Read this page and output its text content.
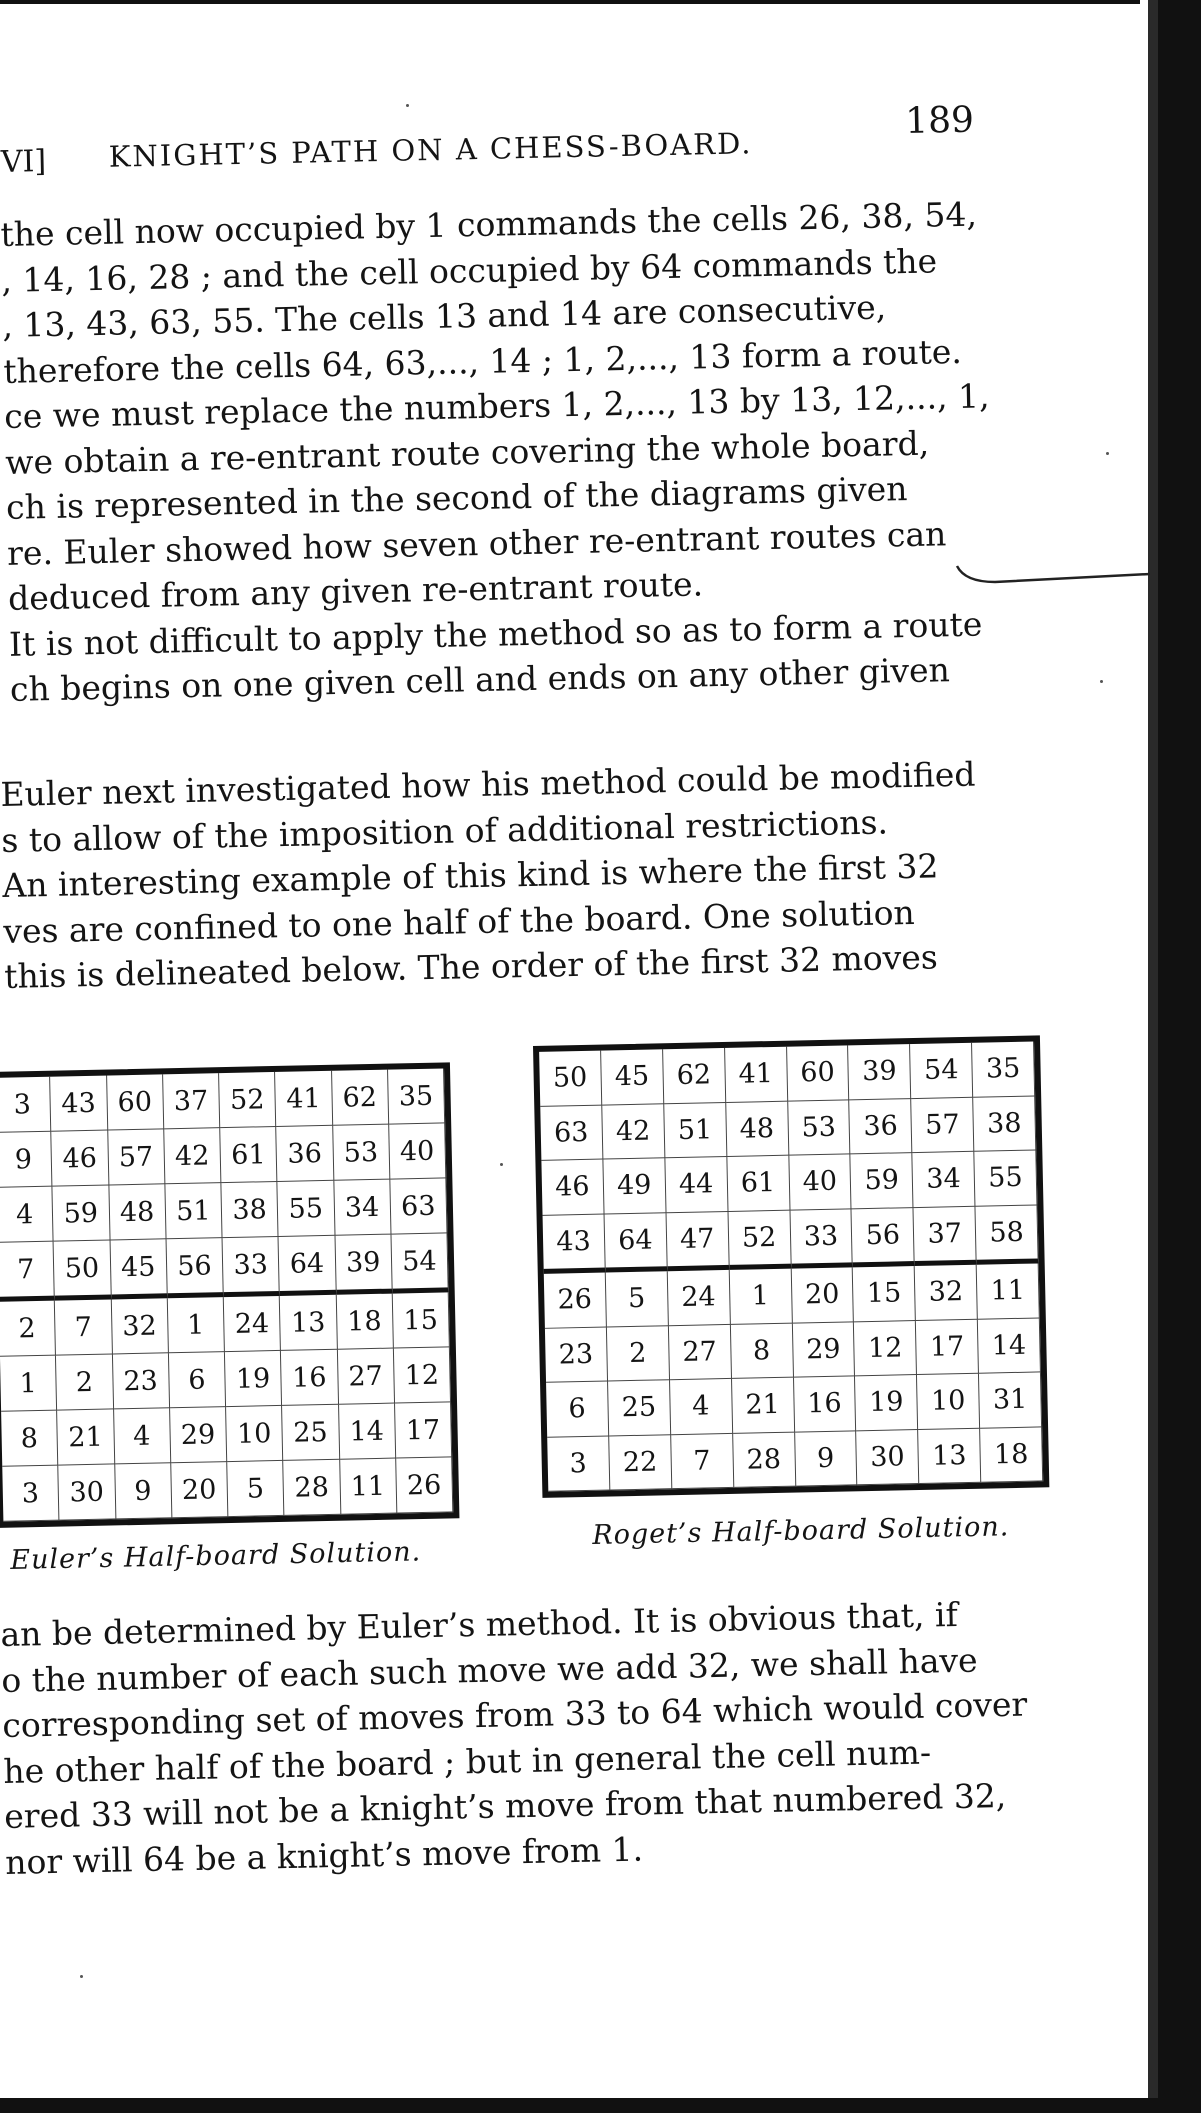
VI] KNIGHT’S PATH ON A CHESS-BOARD.
189
the cell now occupied by 1 commands the cells 26, 38, 54,
, 14, 16, 28 ; and the cell occupied by 64 commands the
, 13, 43, 63, 55. The cells 13 and 14 are consecutive,
therefore the cells 64, 63,..., 14 ; 1, 2,..., 13 form a route.
ce we must replace the numbers 1, 2,..., 13 by 13, 12,..., 1,
we obtain a re-entrant route covering the whole board,
ch is represented in the second of the diagrams given
re. Euler showed how seven other re-entrant routes can
deduced from any given re-entrant route.
It is not difficult to apply the method so as to form a route
ch begins on one given cell and ends on any other given
Euler next investigated how his method could be modified
s to allow of the imposition of additional restrictions.
An interesting example of this kind is where the first 32
ves are confined to one half of the board. One solution
this is delineated below. The order of the first 32 moves
3	43 60 37 52 41 62 35
9	46 57 42 61 36 53 40
4	59 48 51 38 55 34 63
7	50 45 56 33 64 39 54
2	7	32	1	24 13 18 15
1	2	23	6	19 16 27 12
8	21	4	29 10 25 14 17
3	30	9	20	5	28 11 26
Euler’s Half-board Solution.
50 45 62 41 60 39 54 35
63 42 51 48 53 36 57 38
46 49 44 61 40 59 34 55
43 64 47 52 33 56 37 58
26	5	24	1	20 15 32 11
23	2	27	8	29 12 17 14
6	25	4	21 16 19 10 31
3	22	7	28	9	30 13 18
Roget’s Half-board Solution.
an be determined by Euler’s method. It is obvious that, if
o the number of each such move we add 32, we shall have
corresponding set of moves from 33 to 64 which would cover
he other half of the board ; but in general the cell num-
ered 33 will not be a knight’s move from that numbered 32,
nor will 64 be a knight’s move from 1.
